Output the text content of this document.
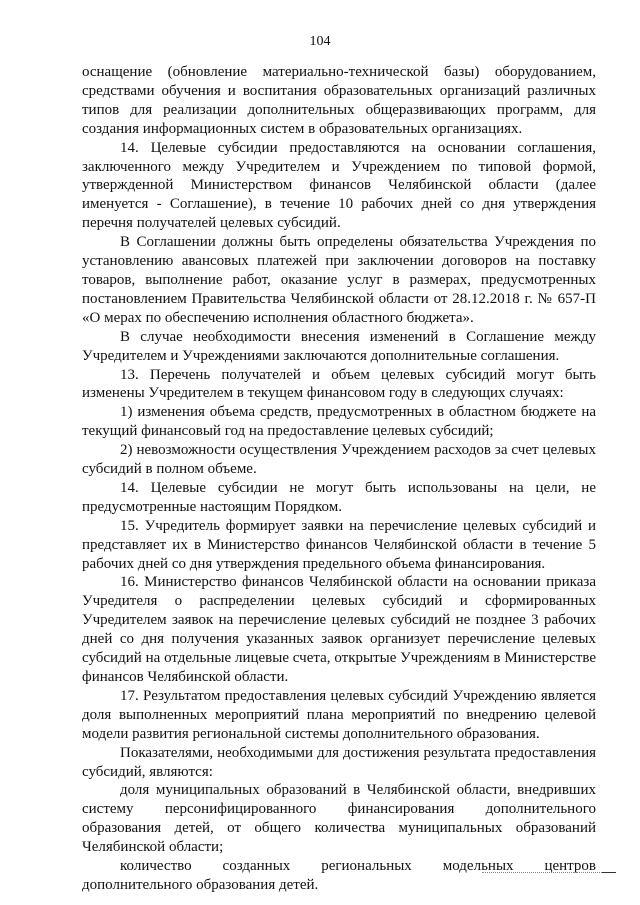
104

оснащение (обновление материально-технической базы) оборудованием, средствами обучения и воспитания образовательных организаций различных типов для реализации дополнительных общеразвивающих программ, для создания информационных систем в образовательных организациях.

14. Целевые субсидии предоставляются на основании соглашения, заключенного между Учредителем и Учреждением по типовой формой, утвержденной Министерством финансов Челябинской области (далее именуется - Соглашение), в течение 10 рабочих дней со дня утверждения перечня получателей целевых субсидий.

В Соглашении должны быть определены обязательства Учреждения по установлению авансовых платежей при заключении договоров на поставку товаров, выполнение работ, оказание услуг в размерах, предусмотренных постановлением Правительства Челябинской области от 28.12.2018 г. № 657-П «О мерах по обеспечению исполнения областного бюджета».

В случае необходимости внесения изменений в Соглашение между Учредителем и Учреждениями заключаются дополнительные соглашения.

13. Перечень получателей и объем целевых субсидий могут быть изменены Учредителем в текущем финансовом году в следующих случаях:

1) изменения объема средств, предусмотренных в областном бюджете на текущий финансовый год на предоставление целевых субсидий;

2) невозможности осуществления Учреждением расходов за счет целевых субсидий в полном объеме.

14. Целевые субсидии не могут быть использованы на цели, не предусмотренные настоящим Порядком.

15. Учредитель формирует заявки на перечисление целевых субсидий и представляет их в Министерство финансов Челябинской области в течение 5 рабочих дней со дня утверждения предельного объема финансирования.

16. Министерство финансов Челябинской области на основании приказа Учредителя о распределении целевых субсидий и сформированных Учредителем заявок на перечисление целевых субсидий не позднее 3 рабочих дней со дня получения указанных заявок организует перечисление целевых субсидий на отдельные лицевые счета, открытые Учреждениям в Министерстве финансов Челябинской области.

17. Результатом предоставления целевых субсидий Учреждению является доля выполненных мероприятий плана мероприятий по внедрению целевой модели развития региональной системы дополнительного образования.

Показателями, необходимыми для достижения результата предоставления субсидий, являются:

доля муниципальных образований в Челябинской области, внедривших систему персонифицированного финансирования дополнительного образования детей, от общего количества муниципальных образований Челябинской области;

количество созданных региональных модельных центров дополнительного образования детей.
